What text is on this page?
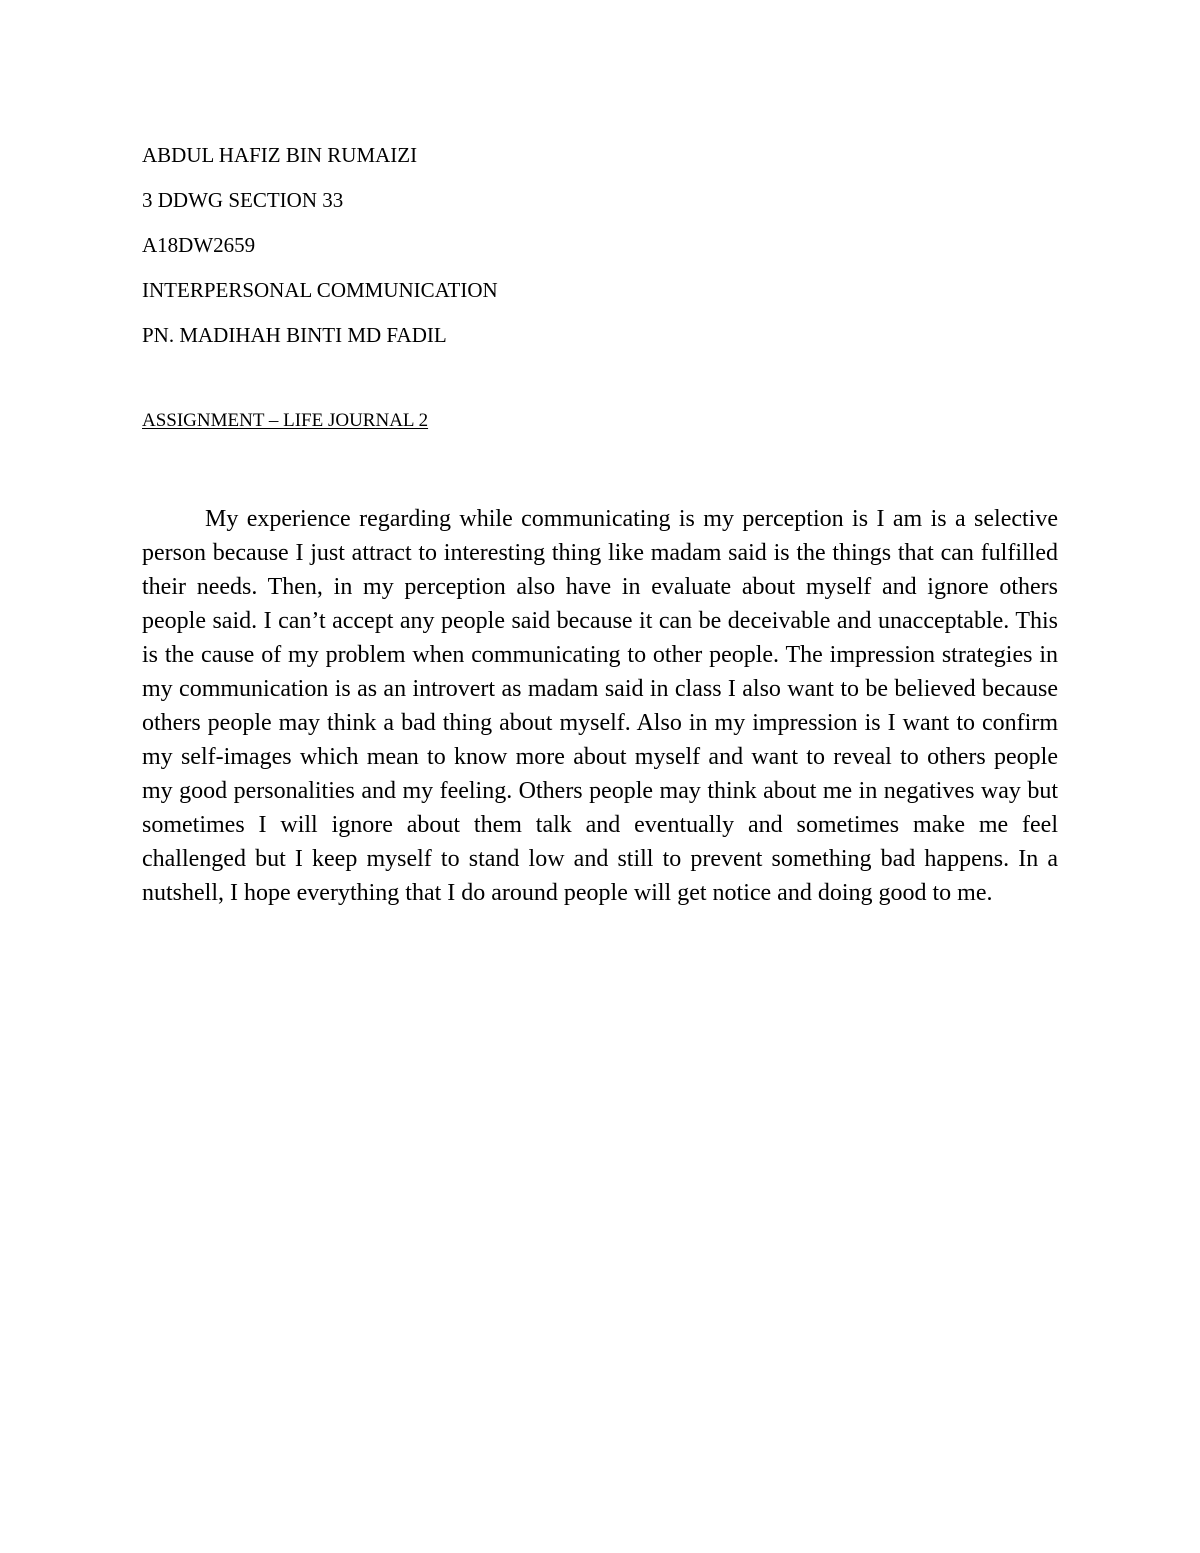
ABDUL HAFIZ BIN RUMAIZI
3 DDWG SECTION 33
A18DW2659
INTERPERSONAL COMMUNICATION
PN. MADIHAH BINTI MD FADIL
ASSIGNMENT – LIFE JOURNAL 2

My experience regarding while communicating is my perception is I am is a selective person because I just attract to interesting thing like madam said is the things that can fulfilled their needs. Then, in my perception also have in evaluate about myself and ignore others people said. I can’t accept any people said because it can be deceivable and unacceptable. This is the cause of my problem when communicating to other people. The impression strategies in my communication is as an introvert as madam said in class I also want to be believed because others people may think a bad thing about myself. Also in my impression is I want to confirm my self-images which mean to know more about myself and want to reveal to others people my good personalities and my feeling. Others people may think about me in negatives way but sometimes I will ignore about them talk and eventually and sometimes make me feel challenged but I keep myself to stand low and still to prevent something bad happens. In a nutshell, I hope everything that I do around people will get notice and doing good to me.
